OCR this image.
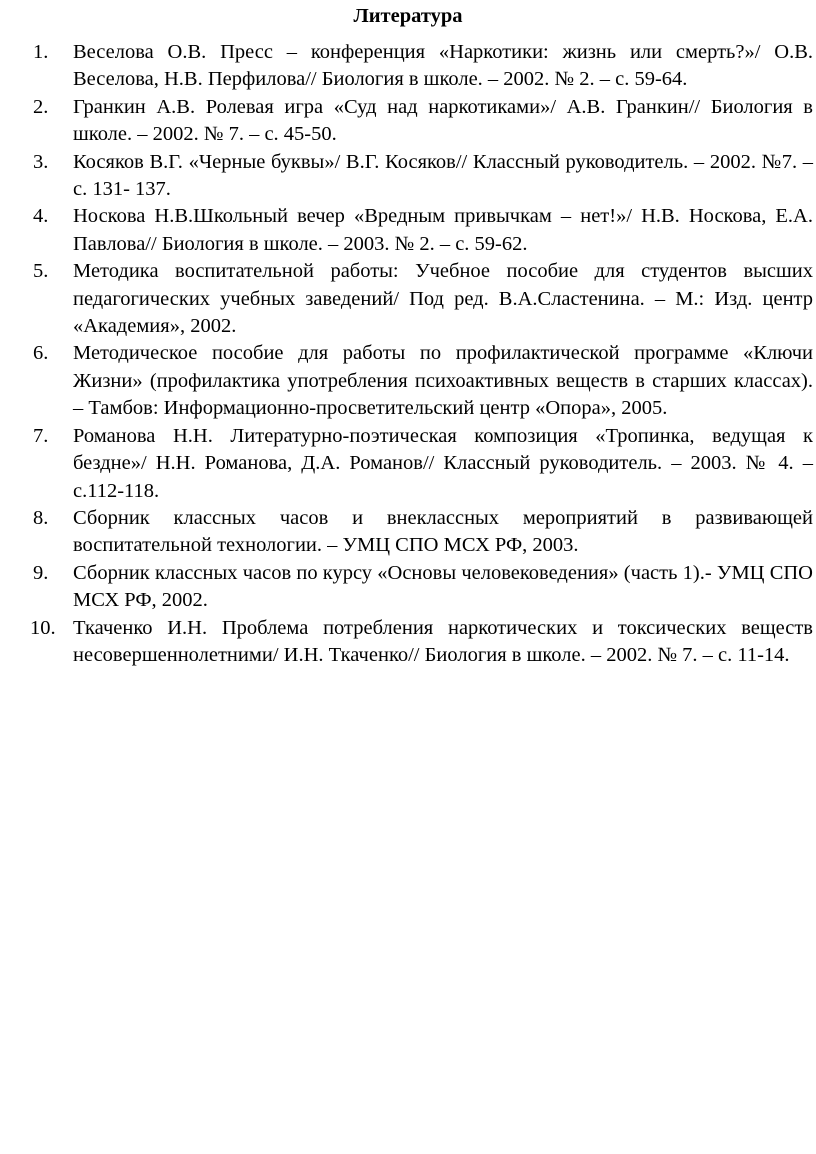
Литература
1.	Веселова О.В. Пресс – конференция «Наркотики: жизнь или смерть?»/ О.В. Веселова, Н.В. Перфилова// Биология в школе. – 2002. № 2. – с. 59-64.
2.	Гранкин А.В. Ролевая игра «Суд над наркотиками»/ А.В. Гранкин// Биология в школе. – 2002. № 7. – с. 45-50.
3.	Косяков В.Г. «Черные буквы»/ В.Г. Косяков// Классный руководитель. – 2002. №7. – с. 131- 137.
4.	Носкова Н.В.Школьный вечер «Вредным привычкам – нет!»/ Н.В. Носкова, Е.А. Павлова// Биология в школе. – 2003. № 2. – с. 59-62.
5.	Методика воспитательной работы: Учебное пособие для студентов высших педагогических учебных заведений/ Под ред. В.А.Сластенина. – М.: Изд. центр «Академия», 2002.
6.	Методическое пособие для работы по профилактической программе «Ключи Жизни» (профилактика употребления психоактивных веществ в старших классах). – Тамбов: Информационно-просветительский центр «Опора», 2005.
7.	Романова Н.Н. Литературно-поэтическая композиция «Тропинка, ведущая к бездне»/ Н.Н. Романова, Д.А. Романов// Классный руководитель. – 2003. № 4. – с.112-118.
8.	Сборник классных часов и внеклассных мероприятий в развивающей воспитательной технологии. – УМЦ СПО МСХ РФ, 2003.
9.	Сборник классных часов по курсу «Основы человековедения» (часть 1).- УМЦ СПО МСХ РФ, 2002.
10. Ткаченко И.Н. Проблема потребления наркотических и токсических веществ несовершеннолетними/ И.Н. Ткаченко// Биология в школе. – 2002. № 7. – с. 11-14.
